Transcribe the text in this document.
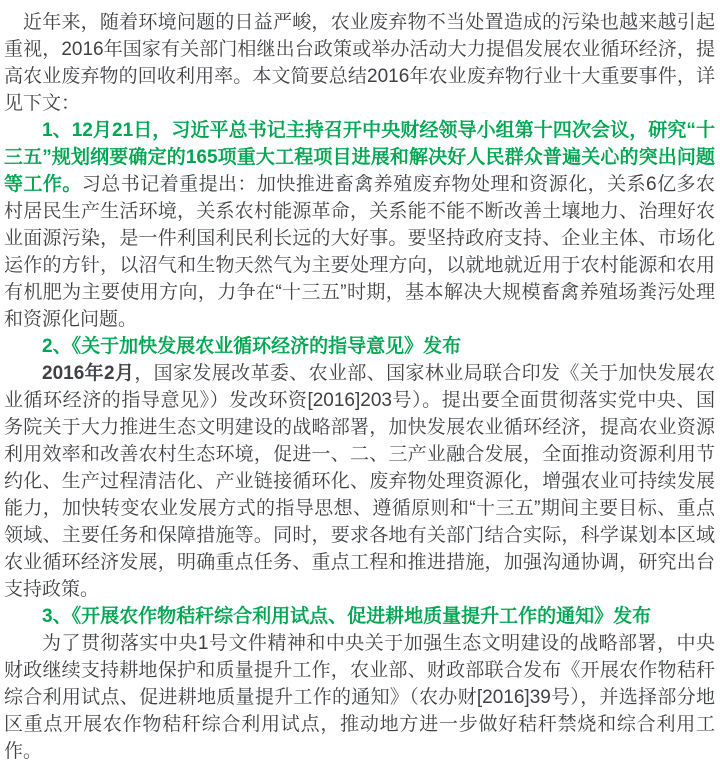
近年来，随着环境问题的日益严峻，农业废弃物不当处置造成的污染也越来越引起重视，2016年国家有关部门相继出台政策或举办活动大力提倡发展农业循环经济，提高农业废弃物的回收利用率。本文简要总结2016年农业废弃物行业十大重要事件，详见下文：

1、12月21日，习近平总书记主持召开中央财经领导小组第十四次会议，研究“十三五”规划纲要确定的165项重大工程项目进展和解决好人民群众普遍关心的突出问题等工作。习总书记着重提出：加快推进畜禽养殖废弃物处理和资源化，关系6亿多农村居民生产生活环境，关系农村能源革命，关系能不能不断改善土壤地力、治理好农业面源污染，是一件利国利民利长远的大好事。要坚持政府支持、企业主体、市场化运作的方针，以沼气和生物天然气为主要处理方向，以就地就近用于农村能源和农用有机肥为主要使用方向，力争在“十三五”时期，基本解决大规模畜禽养殖场粪污处理和资源化问题。

2、《关于加快发展农业循环经济的指导意见》发布

2016年2月，国家发展改革委、农业部、国家林业局联合印发《关于加快发展农业循环经济的指导意见》）发改环资[2016]203号）。提出要全面贯彻落实党中央、国务院关于大力推进生态文明建设的战略部署，加快发展农业循环经济，提高农业资源利用效率和改善农村生态环境，促进一、二、三产业融合发展，全面推动资源利用节约化、生产过程清洁化、产业链接循环化、废弃物处理资源化，增强农业可持续发展能力，加快转变农业发展方式的指导思想、遵循原则和“十三五”期间主要目标、重点领域、主要任务和保障措施等。同时，要求各地有关部门结合实际，科学谋划本区域农业循环经济发展，明确重点任务、重点工程和推进措施，加强沟通协调，研究出台支持政策。

3、《开展农作物秸秆综合利用试点、促进耕地质量提升工作的通知》发布

为了贯彻落实中央1号文件精神和中央关于加强生态文明建设的战略部署，中央财政继续支持耕地保护和质量提升工作，农业部、财政部联合发布《开展农作物秸秆综合利用试点、促进耕地质量提升工作的通知》（农办财[2016]39号），并选择部分地区重点开展农作物秸秆综合利用试点，推动地方进一步做好秸秆禁烧和综合利用工作。
